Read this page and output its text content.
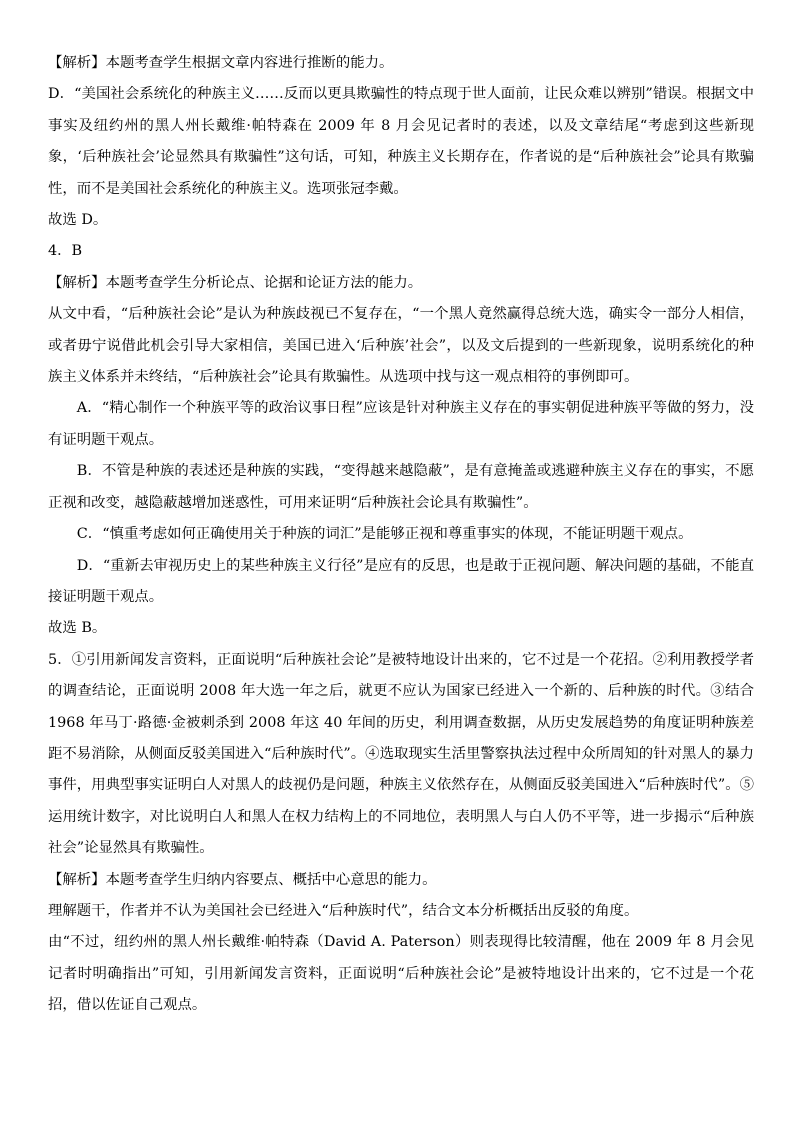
【解析】本题考查学生根据文章内容进行推断的能力。

D．“美国社会系统化的种族主义……反而以更具欺骗性的特点现于世人面前，让民众难以辨别”错误。根据文中事实及纽约州的黑人州长戴维·帕特森在 2009 年 8 月会见记者时的表述，以及文章结尾“考虑到这些新现象，‘后种族社会’论显然具有欺骗性”这句话，可知，种族主义长期存在，作者说的是“后种族社会”论具有欺骗性，而不是美国社会系统化的种族主义。选项张冠李戴。

故选 D。

4．B

【解析】本题考查学生分析论点、论据和论证方法的能力。

从文中看，“后种族社会论”是认为种族歧视已不复存在，“一个黑人竟然赢得总统大选，确实令一部分人相信，或者毋宁说借此机会引导大家相信，美国已进入‘后种族’社会”，以及文后提到的一些新现象，说明系统化的种族主义体系并未终结，“后种族社会”论具有欺骗性。从选项中找与这一观点相符的事例即可。

A．“精心制作一个种族平等的政治议事日程”应该是针对种族主义存在的事实朝促进种族平等做的努力，没有证明题干观点。

B．不管是种族的表述还是种族的实践，“变得越来越隐蔽”，是有意掩盖或逃避种族主义存在的事实，不愿正视和改变，越隐蔽越增加迷惑性，可用来证明“后种族社会论具有欺骗性”。

C．“慎重考虑如何正确使用关于种族的词汇”是能够正视和尊重事实的体现，不能证明题干观点。

D．“重新去审视历史上的某些种族主义行径”是应有的反思，也是敢于正视问题、解决问题的基础，不能直接证明题干观点。

故选 B。

5．①引用新闻发言资料，正面说明“后种族社会论”是被特地设计出来的，它不过是一个花招。②利用教授学者的调查结论，正面说明 2008 年大选一年之后，就更不应认为国家已经进入一个新的、后种族的时代。③结合 1968 年马丁·路德·金被刺杀到 2008 年这 40 年间的历史，利用调查数据，从历史发展趋势的角度证明种族差距不易消除，从侧面反驳美国进入“后种族时代”。④选取现实生活里警察执法过程中众所周知的针对黑人的暴力事件，用典型事实证明白人对黑人的歧视仍是问题，种族主义依然存在，从侧面反驳美国进入“后种族时代”。⑤运用统计数字，对比说明白人和黑人在权力结构上的不同地位，表明黑人与白人仍不平等，进一步揭示“后种族社会”论显然具有欺骗性。

【解析】本题考查学生归纳内容要点、概括中心意思的能力。

理解题干，作者并不认为美国社会已经进入“后种族时代”，结合文本分析概括出反驳的角度。

由“不过，纽约州的黑人州长戴维·帕特森（David A. Paterson）则表现得比较清醒，他在 2009 年 8 月会见记者时明确指出”可知，引用新闻发言资料，正面说明“后种族社会论”是被特地设计出来的，它不过是一个花招，借以佐证自己观点。
